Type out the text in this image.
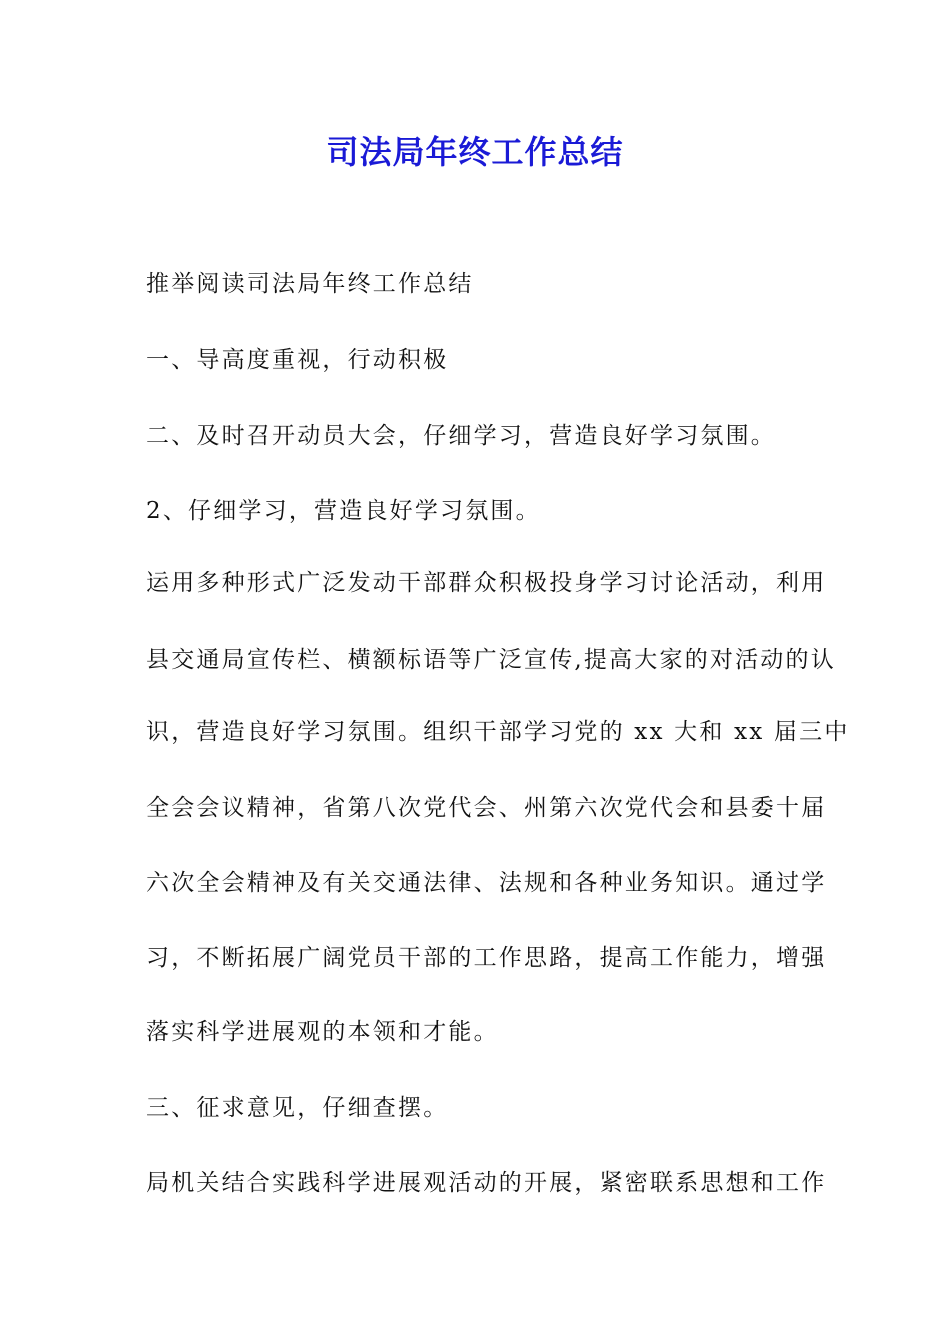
司法局年终工作总结
推举阅读司法局年终工作总结
一、导高度重视，行动积极
二、及时召开动员大会，仔细学习，营造良好学习氛围。
2、仔细学习，营造良好学习氛围。
运用多种形式广泛发动干部群众积极投身学习讨论活动，利用
县交通局宣传栏、横额标语等广泛宣传,提高大家的对活动的认
识，营造良好学习氛围。组织干部学习党的 xx 大和 xx 届三中
全会会议精神，省第八次党代会、州第六次党代会和县委十届
六次全会精神及有关交通法律、法规和各种业务知识。通过学
习，不断拓展广阔党员干部的工作思路，提高工作能力，增强
落实科学进展观的本领和才能。
三、征求意见，仔细查摆。
局机关结合实践科学进展观活动的开展，紧密联系思想和工作
